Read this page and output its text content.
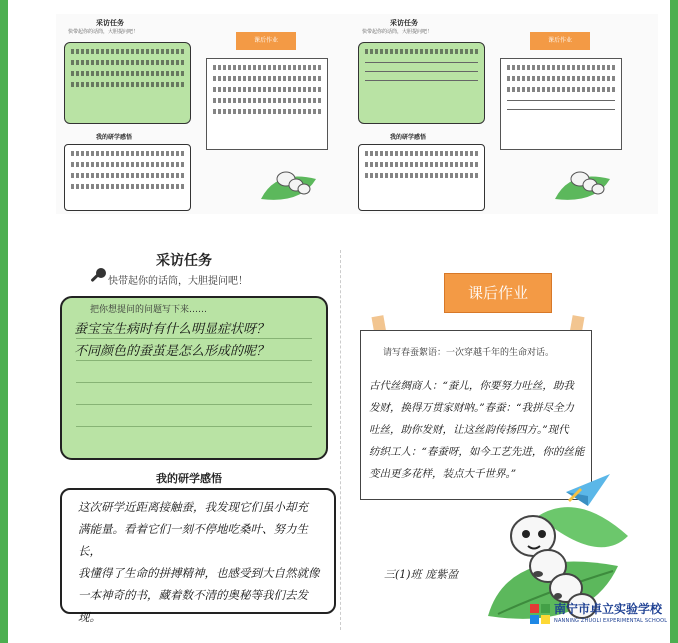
采访任务
快带起你的话筒，大胆提问吧！
我的研学感悟
课后作业
采访任务
快带起你的话筒，大胆提问吧！
我的研学感悟
课后作业
采访任务
快带起你的话筒，大胆提问吧！
把你想提问的问题写下来……
蚕宝宝生病时有什么明显症状呀？
不同颜色的蚕茧是怎么形成的呢？
我的研学感悟
这次研学近距离接触蚕，我发现它们虽小却充
满能量。看着它们一刻不停地吃桑叶、努力生长，
我懂得了生命的拼搏精神，也感受到大自然就像
一本神奇的书，藏着数不清的奥秘等我们去发现。
课后作业
请写春蚕絮语：一次穿越千年的生命对话。
古代丝绸商人：“蚕儿，你要努力吐丝，助我
发财，换得万贯家财呐。”春蚕：“我拼尽全力
吐丝，助你发财，让这丝韵传扬四方。”现代
纺织工人：“春蚕呀，如今工艺先进，你的丝能
变出更多花样，装点大千世界。”
三(1)班 庞紫盈
南宁市卓立实验学校
NANNING ZHUOLI EXPERIMENTAL SCHOOL
